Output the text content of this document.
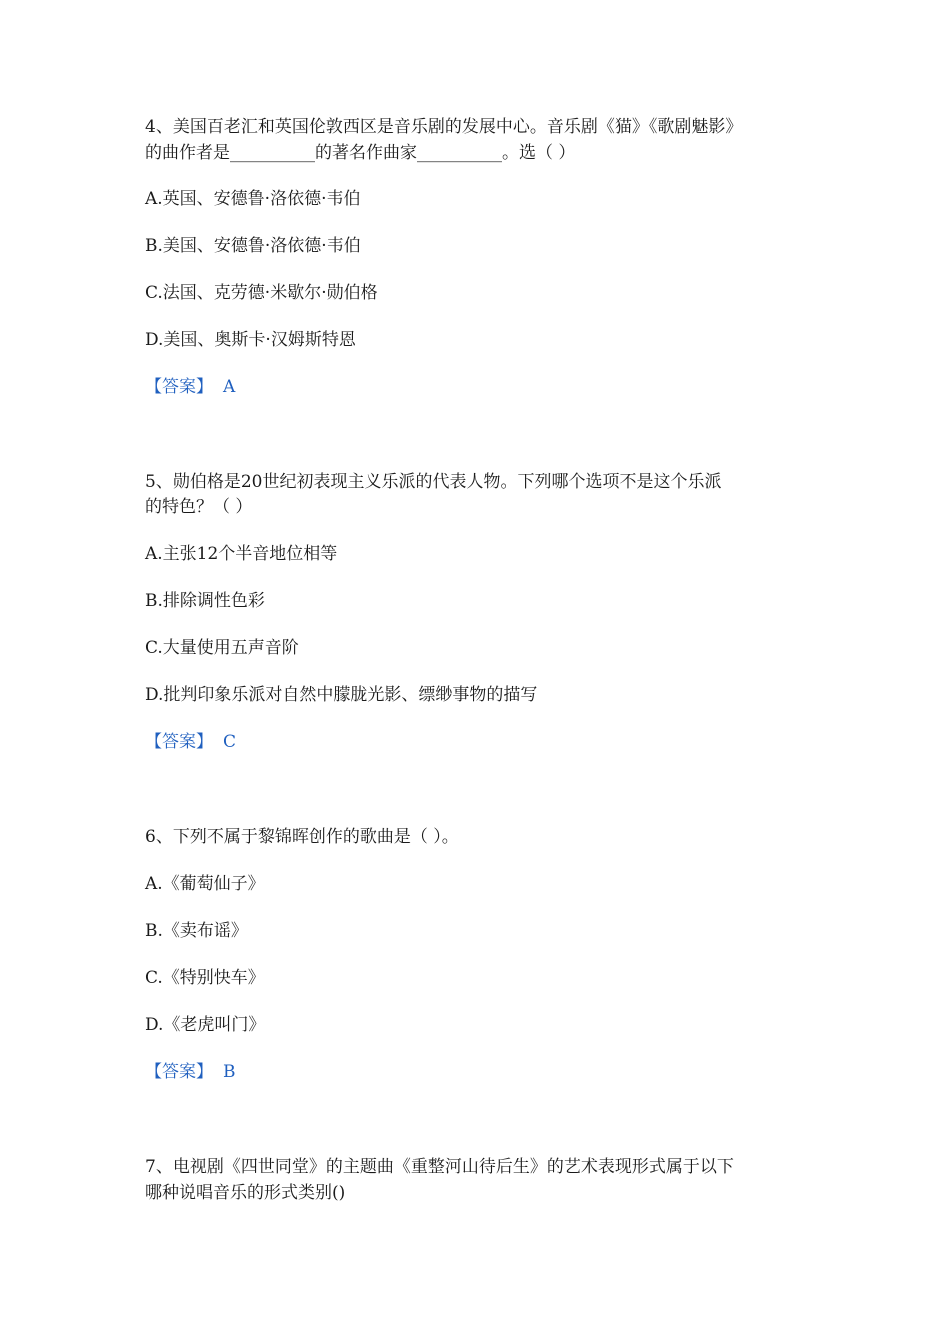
4、美国百老汇和英国伦敦西区是音乐剧的发展中心。音乐剧《猫》《歌剧魅影》
的曲作者是__________的著名作曲家__________。选（ ）
A.英国、安德鲁·洛依德·韦伯
B.美国、安德鲁·洛依德·韦伯
C.法国、克劳德·米歇尔·勋伯格
D.美国、奥斯卡·汉姆斯特恩
【答案】 A
5、勋伯格是20世纪初表现主义乐派的代表人物。下列哪个选项不是这个乐派
的特色？（ ）
A.主张12个半音地位相等
B.排除调性色彩
C.大量使用五声音阶
D.批判印象乐派对自然中朦胧光影、缥缈事物的描写
【答案】 C
6、下列不属于黎锦晖创作的歌曲是（ ）。
A.《葡萄仙子》
B.《卖布谣》
C.《特别快车》
D.《老虎叫门》
【答案】 B
7、电视剧《四世同堂》的主题曲《重整河山待后生》的艺术表现形式属于以下
哪种说唱音乐的形式类别()
